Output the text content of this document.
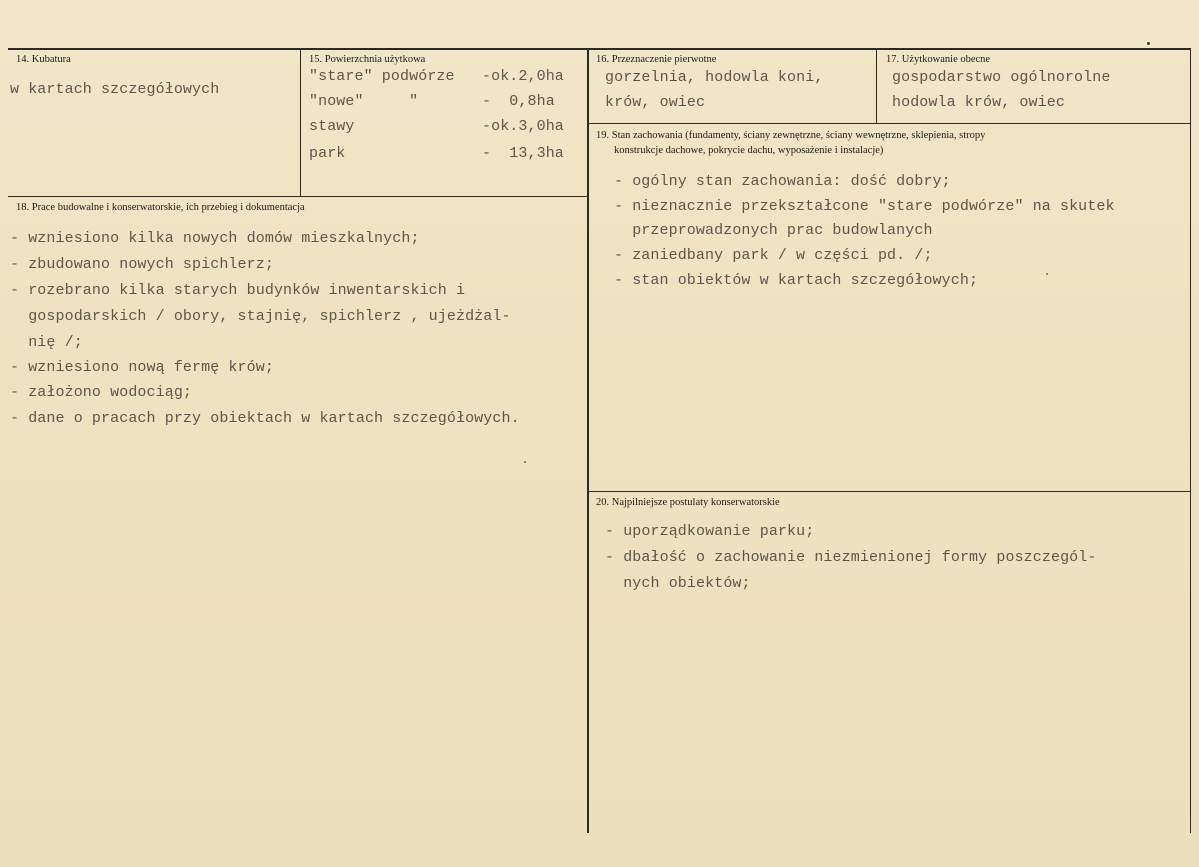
14. Kubatura
w kartach szczegółowych
15. Powierzchnia użytkowa
"stare" podwórze -ok.2,0ha
"nowe"     "	-  0,8ha
stawy	-ok.3,0ha
park	-  13,3ha
16. Przeznaczenie pierwotne
gorzelnia, hodowla koni,
krów, owiec
17. Użytkowanie obecne
gospodarstwo ogólnorolne
hodowla krów, owiec
18. Prace budowalne i konserwatorskie, ich przebieg i dokumentacja
- wzniesiono kilka nowych domów mieszkalnych;
- zbudowano nowych spichlerz;
- rozebrano kilka starych budynków inwentarskich i
gospodarskich / obory, stajnię, spichlerz , ujeżdżal-
nię /;
- wzniesiono nową fermę krów;
- założono wodociąg;
- dane o pracach przy obiektach w kartach szczegółowych.
19. Stan zachowania (fundamenty, ściany zewnętrzne, ściany wewnętrzne, sklepienia, stropy
konstrukcje dachowe, pokrycie dachu, wyposażenie i instalacje)
- ogólny stan zachowania: dość dobry;
- nieznacznie przekształcone "stare podwórze" na skutek
przeprowadzonych prac budowlanych
- zaniedbany park / w części pd. /;
- stan obiektów w kartach szczegółowych;
20. Najpilniejsze postulaty konserwatorskie
- uporządkowanie parku;
- dbałość o zachowanie niezmienionej formy poszczegól-
nych obiektów;
